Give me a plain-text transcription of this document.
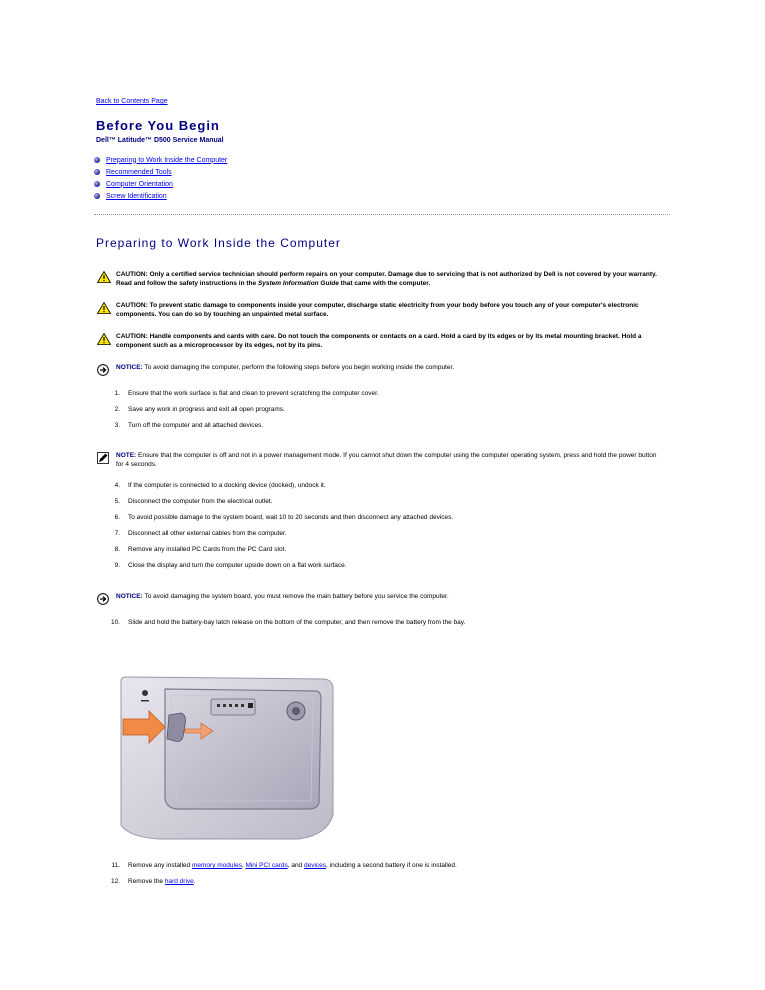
Back to Contents Page
Before You Begin
Dell™ Latitude™ D500 Service Manual
Preparing to Work Inside the Computer
Recommended Tools
Computer Orientation
Screw Identification
Preparing to Work Inside the Computer
CAUTION: Only a certified service technician should perform repairs on your computer. Damage due to servicing that is not authorized by Dell is not covered by your warranty. Read and follow the safety instructions in the System Information Guide that came with the computer.
CAUTION: To prevent static damage to components inside your computer, discharge static electricity from your body before you touch any of your computer's electronic components. You can do so by touching an unpainted metal surface.
CAUTION: Handle components and cards with care. Do not touch the components or contacts on a card. Hold a card by its edges or by its metal mounting bracket. Hold a component such as a microprocessor by its edges, not by its pins.
NOTICE: To avoid damaging the computer, perform the following steps before you begin working inside the computer.
1.	Ensure that the work surface is flat and clean to prevent scratching the computer cover.
2.	Save any work in progress and exit all open programs.
3.	Turn off the computer and all attached devices.
NOTE: Ensure that the computer is off and not in a power management mode. If you cannot shut down the computer using the computer operating system, press and hold the power button for 4 seconds.
4.	If the computer is connected to a docking device (docked), undock it.
5.	Disconnect the computer from the electrical outlet.
6.	To avoid possible damage to the system board, wait 10 to 20 seconds and then disconnect any attached devices.
7.	Disconnect all other external cables from the computer.
8.	Remove any installed PC Cards from the PC Card slot.
9.	Close the display and turn the computer upside down on a flat work surface.
NOTICE: To avoid damaging the system board, you must remove the main battery before you service the computer.
10.	Slide and hold the battery-bay latch release on the bottom of the computer, and then remove the battery from the bay.
11.	Remove any installed memory modules, Mini PCI cards, and devices, including a second battery if one is installed.
12.	Remove the hard drive.
